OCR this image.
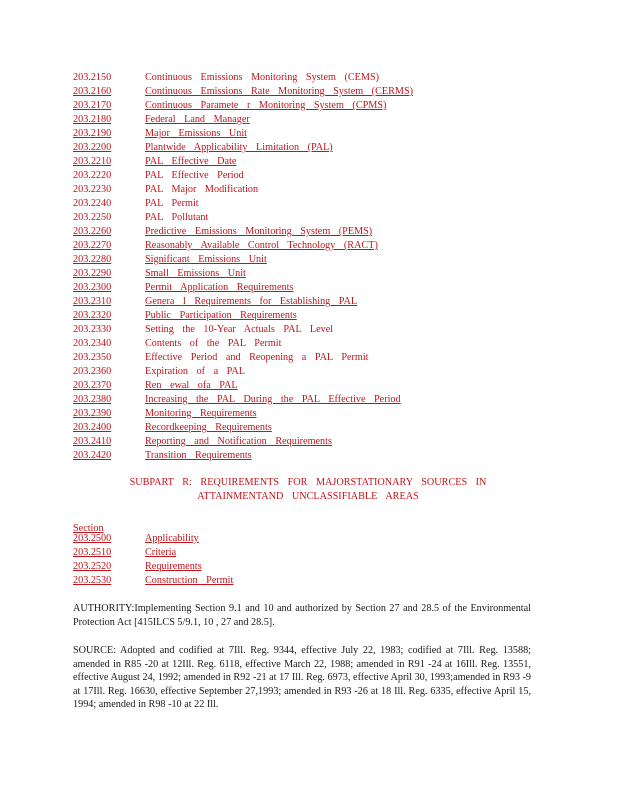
203.2150	Continuous Emissions Monitoring System (CEMS)
203.2160	Continuous Emissions Rate Monitoring System (CERMS)
203.2170	Continuous Paramete r Monitoring System (CPMS)
203.2180	Federal Land Manager
203.2190	Major Emissions Unit
203.2200	Plantwide Applicability Limitation (PAL)
203.2210	PAL Effective Date
203.2220	PAL Effective Period
203.2230	PAL Major Modification
203.2240	PAL Permit
203.2250	PAL Pollutant
203.2260	Predictive Emissions Monitoring System (PEMS)
203.2270	Reasonably Available Control Technology (RACT)
203.2280	Significant Emissions Unit
203.2290	Small Emissions Unit
203.2300	Permit Application Requirements
203.2310	Genera l Requirements for Establishing PAL
203.2320	Public Participation Requirements
203.2330	Setting the 10-Year Actuals PAL Level
203.2340	Contents of the PAL Permit
203.2350	Effective Period and Reopening a PAL Permit
203.2360	Expiration of a PAL
203.2370	Ren ewal ofa PAL
203.2380	Increasing the PAL During the PAL Effective Period
203.2390	Monitoring Requirements
203.2400	Recordkeeping Requirements
203.2410	Reporting and Notification Requirements
203.2420	Transition Requirements
SUBPART R: REQUIREMENTS FOR MAJORSTATIONARY SOURCES IN
ATTAINMENTAND UNCLASSIFIABLE AREAS
Section
203.2500	Applicability
203.2510	Criteria
203.2520	Requirements
203.2530	Construction Permit
AUTHORITY:Implementing Section 9.1 and 10 and authorized by Section 27 and 28.5 of the Environmental Protection Act [415ILCS 5/9.1, 10 , 27 and 28.5].
SOURCE: Adopted and codified at 7Ill. Reg. 9344, effective July 22, 1983; codified at 7Ill. Reg. 13588; amended in R85 -20 at 12Ill. Reg. 6118, effective March 22, 1988; amended in R91 -24 at 16Ill. Reg. 13551, effective August 24, 1992; amended in R92 -21 at 17 Ill. Reg. 6973, effective April 30, 1993;amended in R93 -9 at 17Ill. Reg. 16630, effective September 27,1993; amended in R93 -26 at 18 Ill. Reg. 6335, effective April 15, 1994; amended in R98 -10 at 22 Ill.
